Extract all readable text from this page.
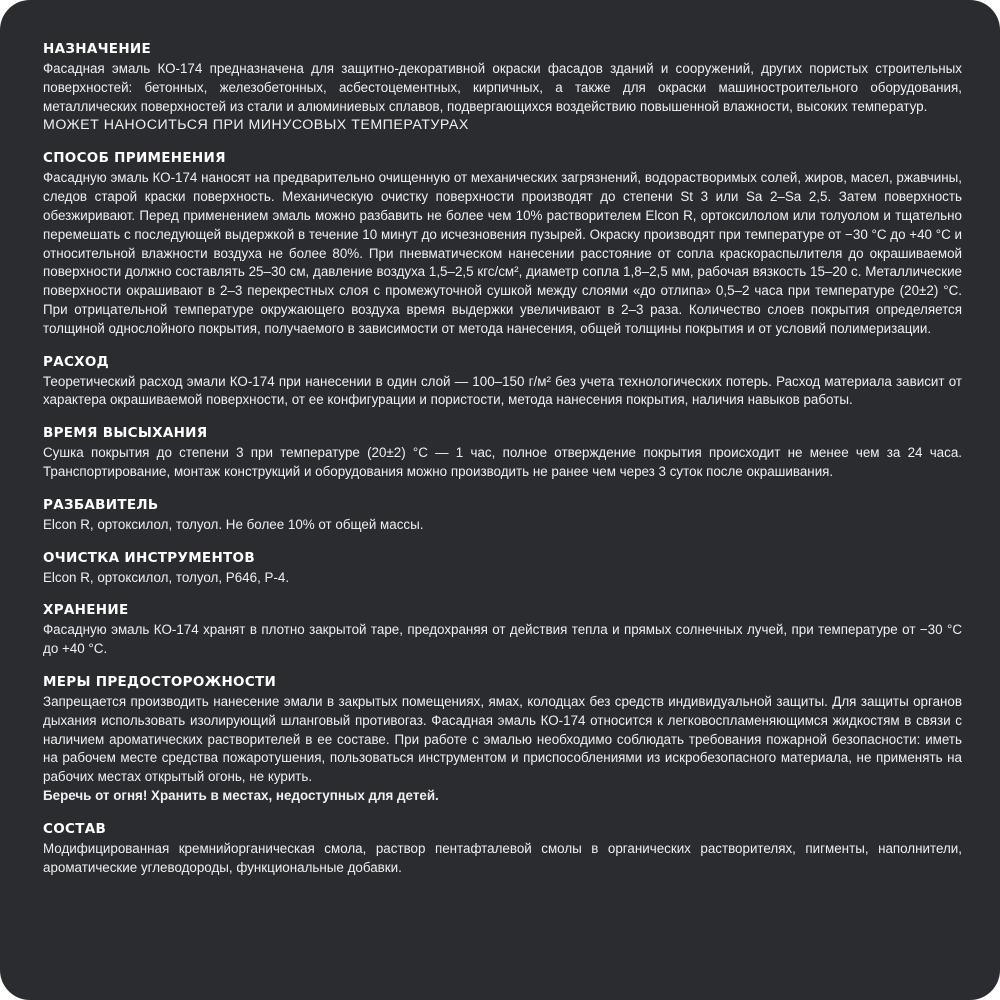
НАЗНАЧЕНИЕ
Фасадная эмаль КО-174 предназначена для защитно-декоративной окраски фасадов зданий и сооружений, других пористых строительных поверхностей: бетонных, железобетонных, асбестоцементных, кирпичных, а также для окраски машиностроительного оборудования, металлических поверхностей из стали и алюминиевых сплавов, подвергающихся воздействию повышенной влажности, высоких температур.
МОЖЕТ НАНОСИТЬСЯ ПРИ МИНУСОВЫХ ТЕМПЕРАТУРАХ
СПОСОБ ПРИМЕНЕНИЯ
Фасадную эмаль КО-174 наносят на предварительно очищенную от механических загрязнений, водорастворимых солей, жиров, масел, ржавчины, следов старой краски поверхность. Механическую очистку поверхности производят до степени St 3 или Sa 2–Sa 2,5. Затем поверхность обезжиривают. Перед применением эмаль можно разбавить не более чем 10% растворителем Elcon R, ортоксилолом или толуолом и тщательно перемешать с последующей выдержкой в течение 10 минут до исчезновения пузырей. Окраску производят при температуре от −30 °С до +40 °С и относительной влажности воздуха не более 80%. При пневматическом нанесении расстояние от сопла краскораспылителя до окрашиваемой поверхности должно составлять 25–30 см, давление воздуха 1,5–2,5 кгс/см², диаметр сопла 1,8–2,5 мм, рабочая вязкость 15–20 с. Металлические поверхности окрашивают в 2–3 перекрестных слоя с промежуточной сушкой между слоями «до отлипа» 0,5–2 часа при температуре (20±2) °С. При отрицательной температуре окружающего воздуха время выдержки увеличивают в 2–3 раза. Количество слоев покрытия определяется толщиной однослойного покрытия, получаемого в зависимости от метода нанесения, общей толщины покрытия и от условий полимеризации.
РАСХОД
Теоретический расход эмали КО-174 при нанесении в один слой — 100–150 г/м² без учета технологических потерь. Расход материала зависит от характера окрашиваемой поверхности, от ее конфигурации и пористости, метода нанесения покрытия, наличия навыков работы.
ВРЕМЯ ВЫСЫХАНИЯ
Сушка покрытия до степени 3 при температуре (20±2) °С — 1 час, полное отверждение покрытия происходит не менее чем за 24 часа. Транспортирование, монтаж конструкций и оборудования можно производить не ранее чем через 3 суток после окрашивания.
РАЗБАВИТЕЛЬ
Elcon R, ортоксилол, толуол. Не более 10% от общей массы.
ОЧИСТКА ИНСТРУМЕНТОВ
Elcon R, ортоксилол, толуол, Р646, Р-4.
ХРАНЕНИЕ
Фасадную эмаль КО-174 хранят в плотно закрытой таре, предохраняя от действия тепла и прямых солнечных лучей, при температуре от −30 °С до +40 °С.
МЕРЫ ПРЕДОСТОРОЖНОСТИ
Запрещается производить нанесение эмали в закрытых помещениях, ямах, колодцах без средств индивидуальной защиты. Для защиты органов дыхания использовать изолирующий шланговый противогаз. Фасадная эмаль КО-174 относится к легковоспламеняющимся жидкостям в связи с наличием ароматических растворителей в ее составе. При работе с эмалью необходимо соблюдать требования пожарной безопасности: иметь на рабочем месте средства пожаротушения, пользоваться инструментом и приспособлениями из искробезопасного материала, не применять на рабочих местах открытый огонь, не курить.
Беречь от огня! Хранить в местах, недоступных для детей.
СОСТАВ
Модифицированная кремнийорганическая смола, раствор пентафталевой смолы в органических растворителях, пигменты, наполнители, ароматические углеводороды, функциональные добавки.
